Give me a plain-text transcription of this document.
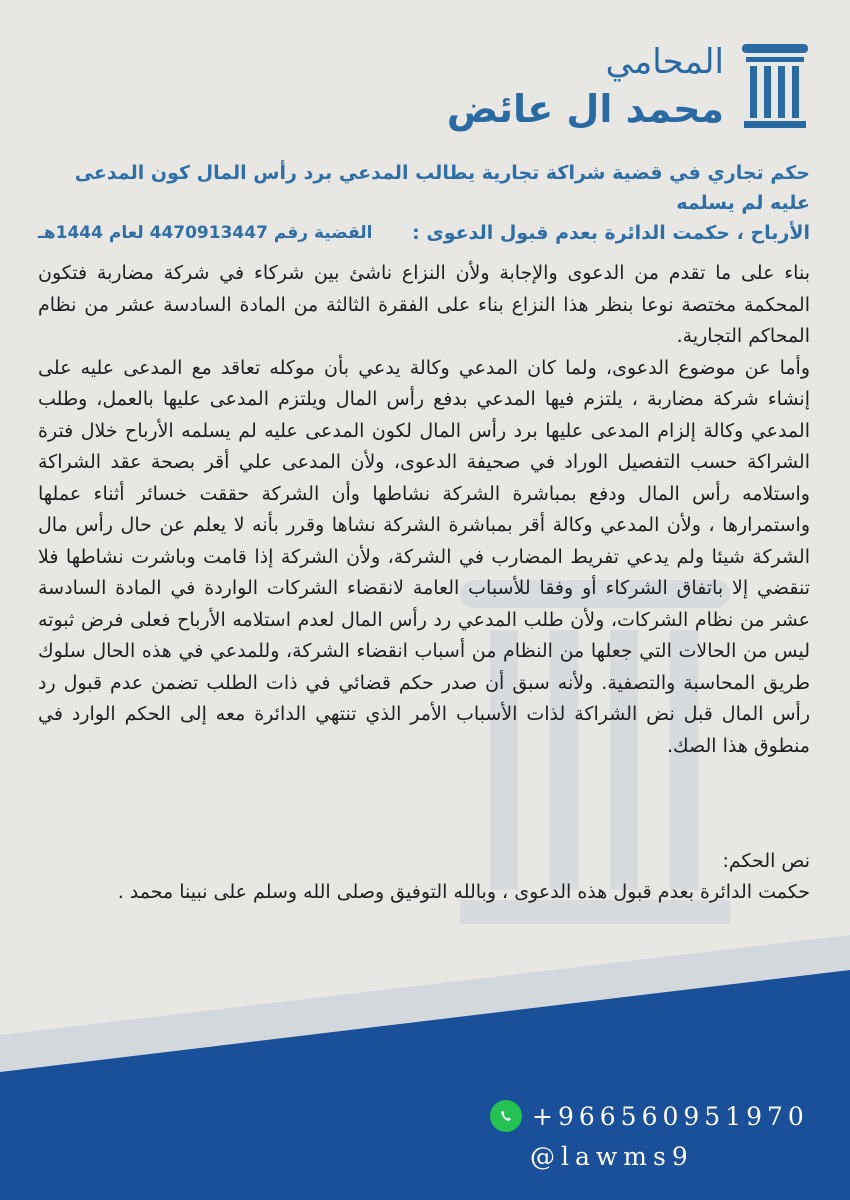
المحامي
محمد ال عائض
حكم تجاري في قضية شراكة تجارية يطالب المدعي برد رأس المال كون المدعى عليه لم يسلمه
الأرباح ، حكمت الدائرة بعدم قبول الدعوى :
القضية رقم 4470913447 لعام 1444هـ

بناء على ما تقدم من الدعوى والإجابة ولأن النزاع ناشئ بين شركاء في شركة مضاربة فتكون المحكمة مختصة نوعا بنظر هذا النزاع بناء على الفقرة الثالثة من المادة السادسة عشر من نظام المحاكم التجارية.

وأما عن موضوع الدعوى، ولما كان المدعي وكالة يدعي بأن موكله تعاقد مع المدعى عليه على إنشاء شركة مضاربة ، يلتزم فيها المدعي بدفع رأس المال ويلتزم المدعى عليها بالعمل، وطلب المدعي وكالة إلزام المدعى عليها برد رأس المال لكون المدعى عليه لم يسلمه الأرباح خلال فترة الشراكة حسب التفصيل الوراد في صحيفة الدعوى، ولأن المدعى علي أقر بصحة عقد الشراكة واستلامه رأس المال ودفع بمباشرة الشركة نشاطها وأن الشركة حققت خسائر أثناء عملها واستمرارها ، ولأن المدعي وكالة أقر بمباشرة الشركة نشاها وقرر بأنه لا يعلم عن حال رأس مال الشركة شيئا ولم يدعي تفريط المضارب في الشركة، ولأن الشركة إذا قامت وباشرت نشاطها فلا تنقضي إلا باتفاق الشركاء أو وفقا للأسباب العامة لانقضاء الشركات الواردة في المادة السادسة عشر من نظام الشركات، ولأن طلب المدعي رد رأس المال لعدم استلامه الأرباح فعلى فرض ثبوته ليس من الحالات التي جعلها من النظام من أسباب انقضاء الشركة، وللمدعي في هذه الحال سلوك طريق المحاسبة والتصفية. ولأنه سبق أن صدر حكم قضائي في ذات الطلب تضمن عدم قبول رد رأس المال قبل نض الشراكة لذات الأسباب الأمر الذي تنتهي الدائرة معه إلى الحكم الوارد في منطوق هذا الصك.

نص الحكم:

حكمت الدائرة بعدم قبول هذه الدعوى ، وبالله التوفيق وصلى الله وسلم على نبينا محمد .

+966560951970
@lawms9
